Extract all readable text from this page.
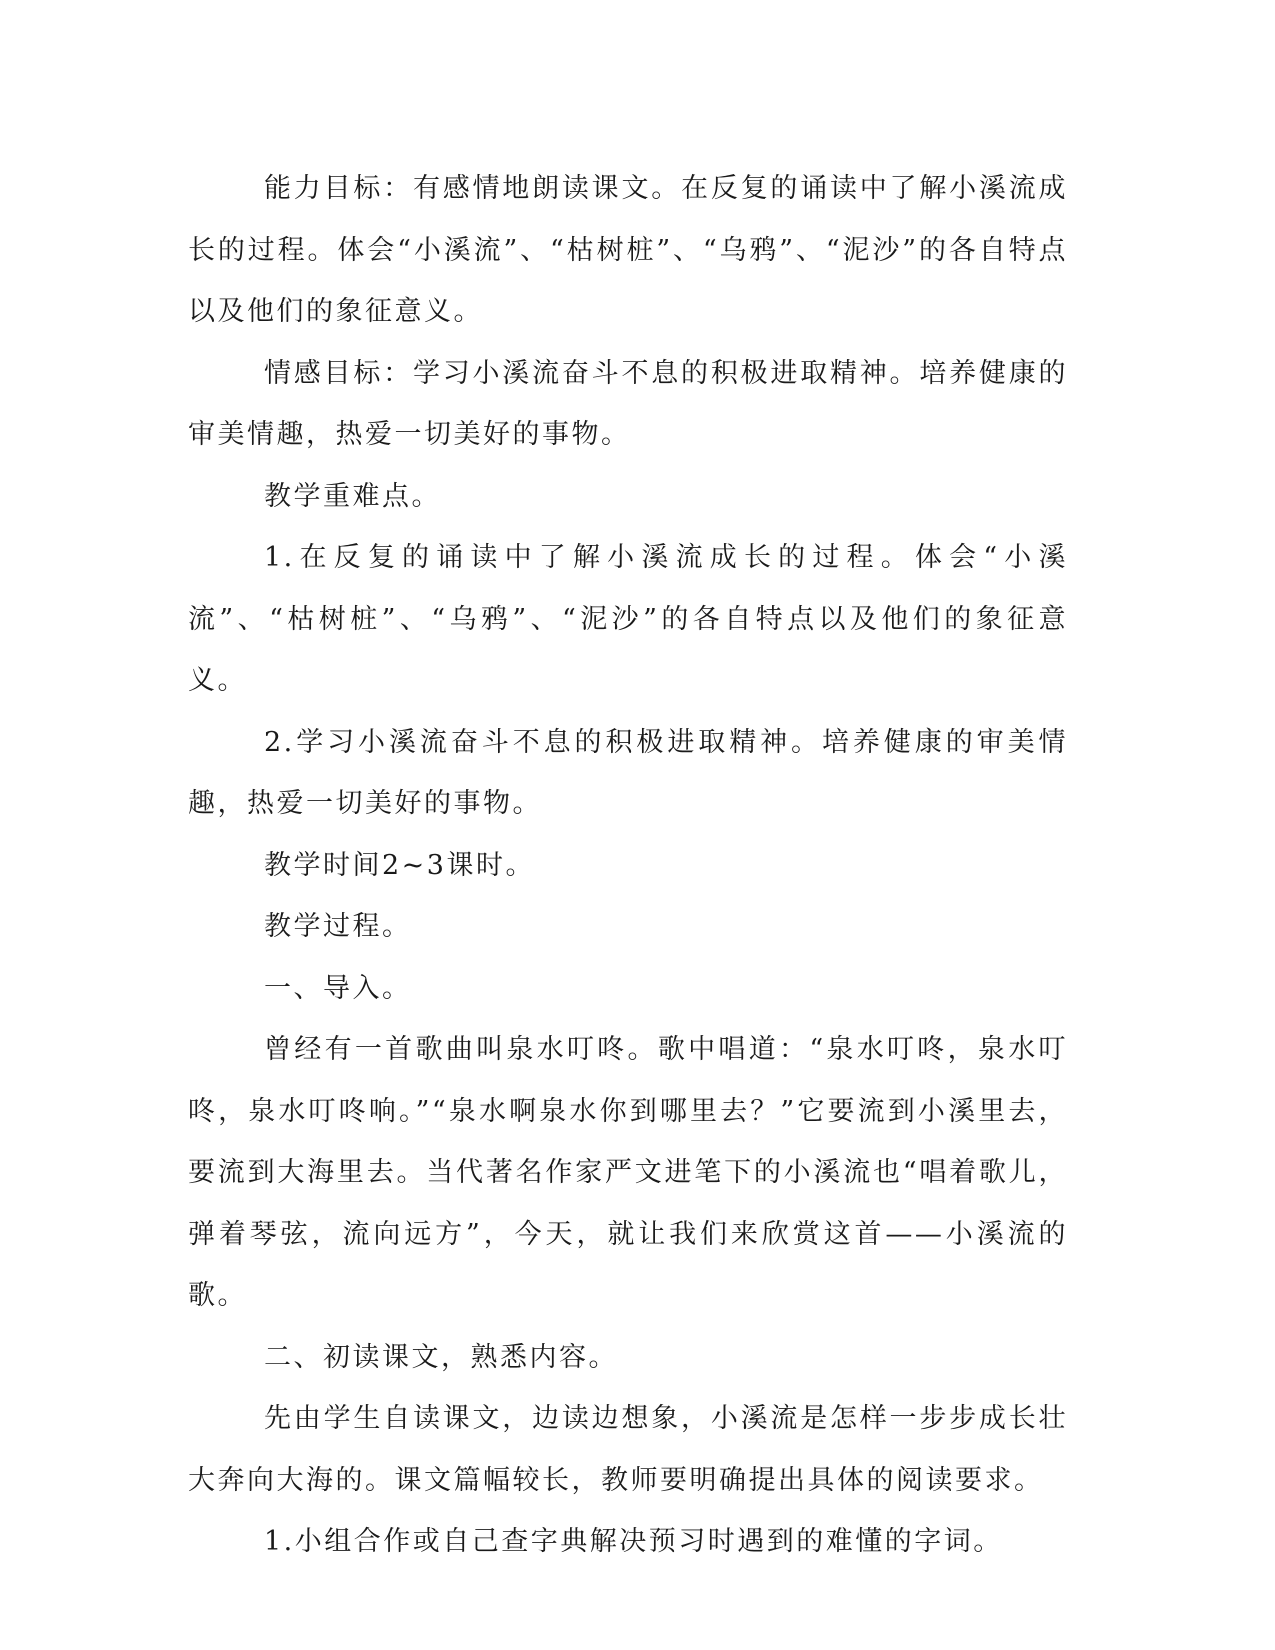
能力目标：有感情地朗读课文。在反复的诵读中了解小溪流成长的过程。体会“小溪流”、“枯树桩”、“乌鸦”、“泥沙”的各自特点以及他们的象征意义。

情感目标：学习小溪流奋斗不息的积极进取精神。培养健康的审美情趣，热爱一切美好的事物。

教学重难点。

1.在反复的诵读中了解小溪流成长的过程。体会“小溪流”、“枯树桩”、“乌鸦”、“泥沙”的各自特点以及他们的象征意义。

2.学习小溪流奋斗不息的积极进取精神。培养健康的审美情趣，热爱一切美好的事物。

教学时间2~3课时。

教学过程。

一、导入。

曾经有一首歌曲叫泉水叮咚。歌中唱道：“泉水叮咚，泉水叮咚，泉水叮咚响。”“泉水啊泉水你到哪里去？”它要流到小溪里去，要流到大海里去。当代著名作家严文进笔下的小溪流也“唱着歌儿，弹着琴弦，流向远方”，今天，就让我们来欣赏这首——小溪流的歌。

二、初读课文，熟悉内容。

先由学生自读课文，边读边想象，小溪流是怎样一步步成长壮大奔向大海的。课文篇幅较长，教师要明确提出具体的阅读要求。

1.小组合作或自己查字典解决预习时遇到的难懂的字词。
